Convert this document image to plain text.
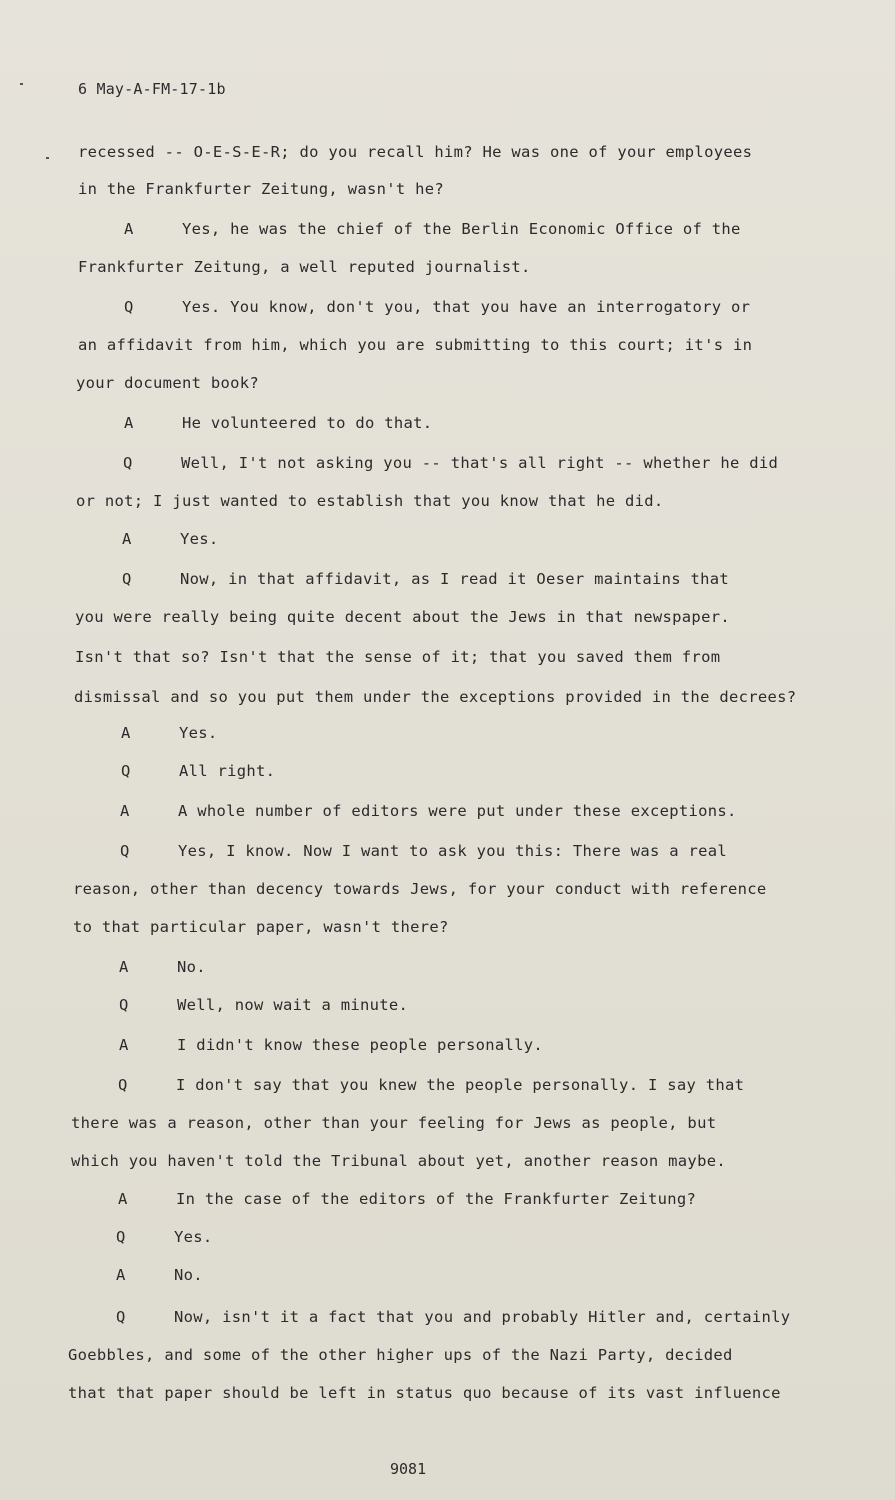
6 May-A-FM-17-1b
recessed -- O-E-S-E-R; do you recall him? He was one of your employees
in the Frankfurter Zeitung, wasn't he?
A	Yes, he was the chief of the Berlin Economic Office of the
Frankfurter Zeitung, a well reputed journalist.
Q	Yes. You know, don't you, that you have an interrogatory or
an affidavit from him, which you are submitting to this court; it's in
your document book?
A	He volunteered to do that.
Q	Well, I't not asking you -- that's all right -- whether he did
or not; I just wanted to establish that you know that he did.
A	Yes.
Q	Now, in that affidavit, as I read it Oeser maintains that
you were really being quite decent about the Jews in that newspaper.
Isn't that so? Isn't that the sense of it; that you saved them from
dismissal and so you put them under the exceptions provided in the decrees?
A	Yes.
Q	All right.
A	A whole number of editors were put under these exceptions.
Q	Yes, I know. Now I want to ask you this: There was a real
reason, other than decency towards Jews, for your conduct with reference
to that particular paper, wasn't there?
A	No.
Q	Well, now wait a minute.
A	I didn't know these people personally.
Q	I don't say that you knew the people personally. I say that
there was a reason, other than your feeling for Jews as people, but
which you haven't told the Tribunal about yet, another reason maybe.
A	In the case of the editors of the Frankfurter Zeitung?
Q	Yes.
A	No.
Q	Now, isn't it a fact that you and probably Hitler and, certainly
Goebbles, and some of the other higher ups of the Nazi Party, decided
that that paper should be left in status quo because of its vast influence
9081
